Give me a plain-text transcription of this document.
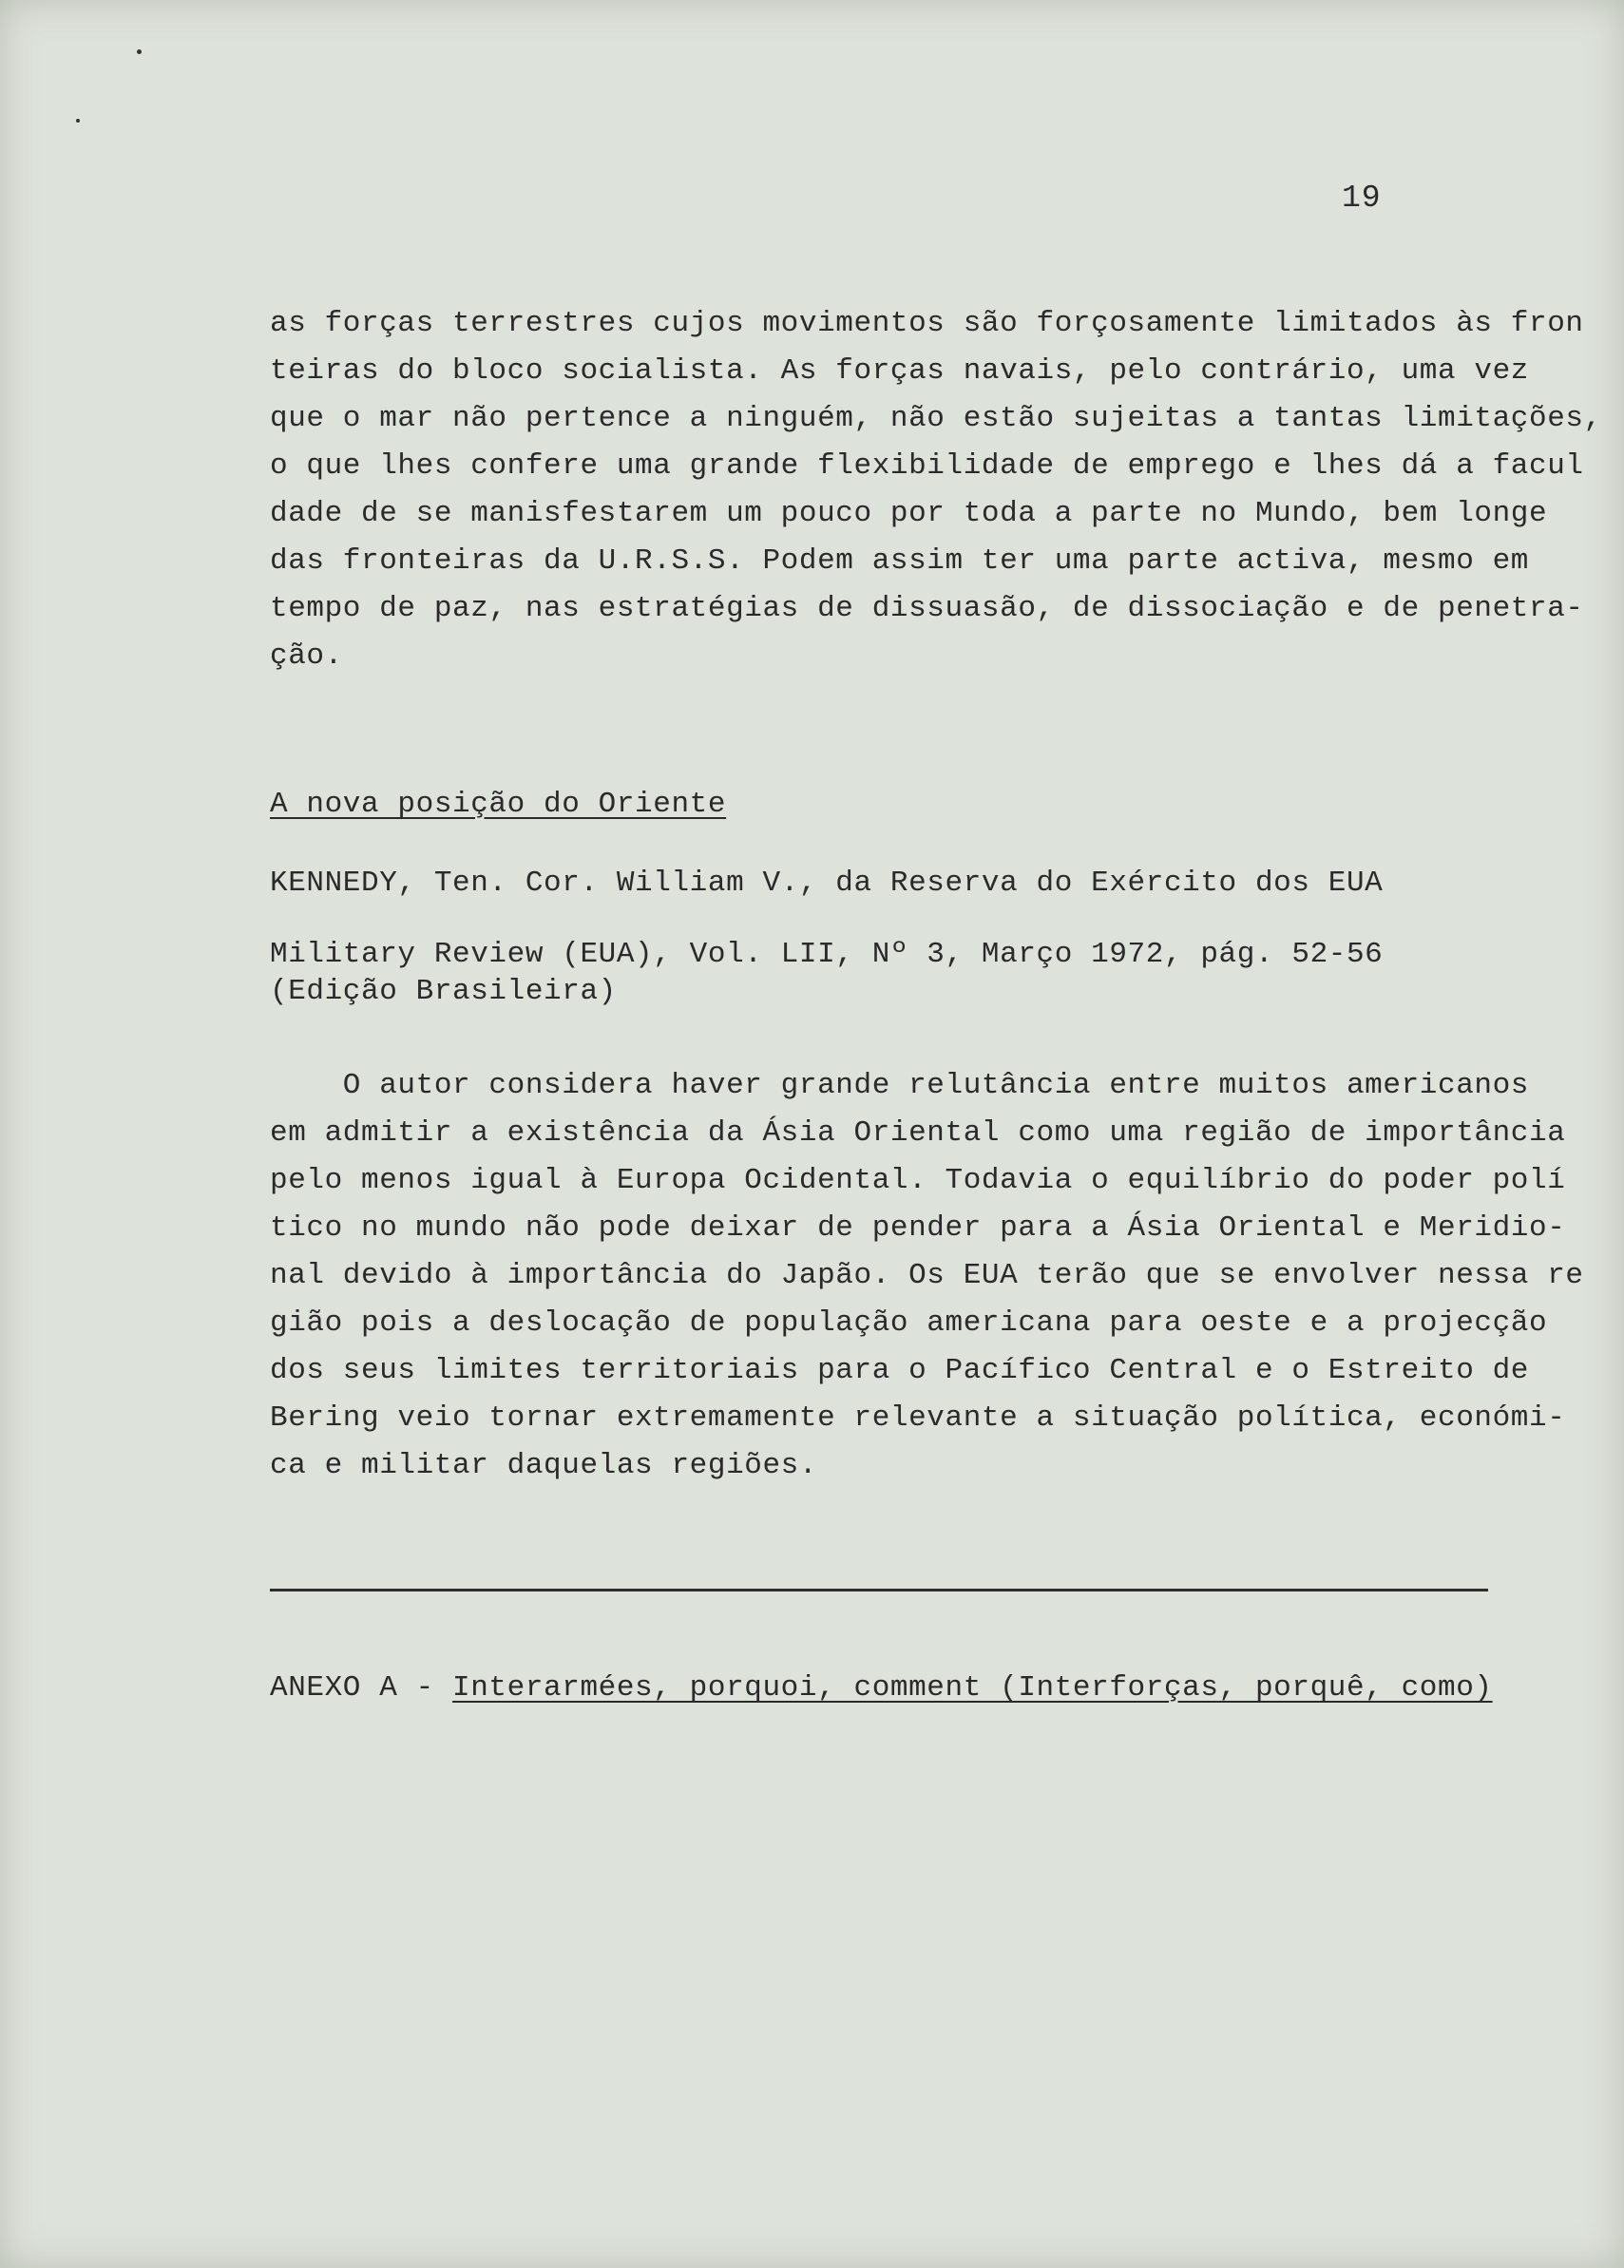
19
as forças terrestres cujos movimentos são forçosamente limitados às fron
teiras do bloco socialista. As forças navais, pelo contrário, uma vez
que o mar não pertence a ninguém, não estão sujeitas a tantas limitações,
o que lhes confere uma grande flexibilidade de emprego e lhes dá a facul
dade de se manisfestarem um pouco por toda a parte no Mundo, bem longe
das fronteiras da U.R.S.S. Podem assim ter uma parte activa, mesmo em
tempo de paz, nas estratégias de dissuasão, de dissociação e de penetra-
ção.
A nova posição do Oriente
KENNEDY, Ten. Cor. William V., da Reserva do Exército dos EUA
Military Review (EUA), Vol. LII, Nº 3, Março 1972, pág. 52-56
(Edição Brasileira)
O autor considera haver grande relutância entre muitos americanos
em admitir a existência da Ásia Oriental como uma região de importância
pelo menos igual à Europa Ocidental. Todavia o equilíbrio do poder polí
tico no mundo não pode deixar de pender para a Ásia Oriental e Meridio-
nal devido à importância do Japão. Os EUA terão que se envolver nessa re
gião pois a deslocação de população americana para oeste e a projecção
dos seus limites territoriais para o Pacífico Central e o Estreito de
Bering veio tornar extremamente relevante a situação política, económi-
ca e militar daquelas regiões.
ANEXO A - Interarmées, porquoi, comment (Interforças, porquê, como)
